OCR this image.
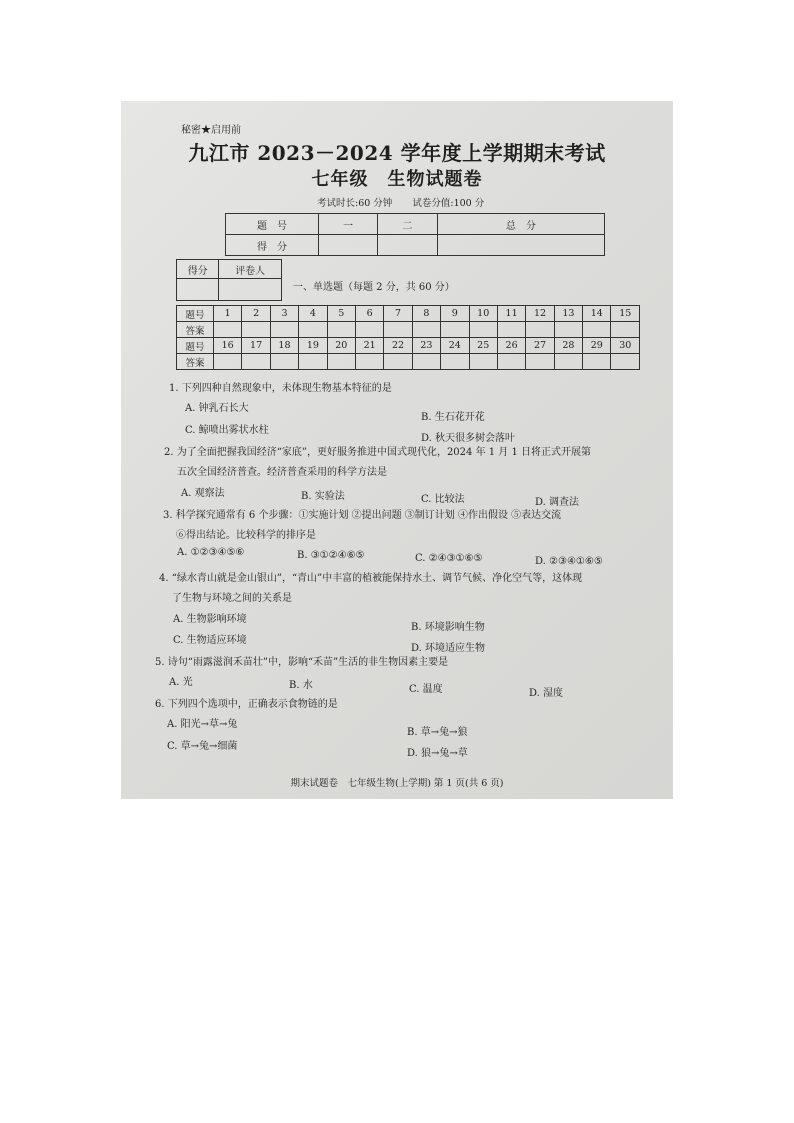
秘密★启用前
九江市 2023－2024 学年度上学期期末考试
七年级　生物试题卷
考试时长:60 分钟 试卷分值:100 分
题　号	一	二	总　分
得　分			
得分	评卷人

一、单选题（每题 2 分，共 60 分）
题号	1	2	3	4	5	6	7	8	9	10	11	12	13	14	15
答案															
题号	16	17	18	19	20	21	22	23	24	25	26	27	28	29	30
答案															
1. 下列四种自然现象中，未体现生物基本特征的是
A. 钟乳石长大
B. 生石花开花
C. 鲸喷出雾状水柱
D. 秋天很多树会落叶
2. 为了全面把握我国经济“家底”，更好服务推进中国式现代化，2024 年 1 月 1 日将正式开展第
五次全国经济普查。经济普查采用的科学方法是
A. 观察法	B. 实验法	C. 比较法	D. 调查法
3. 科学探究通常有 6 个步骤：①实施计划 ②提出问题 ③制订计划 ④作出假设 ⑤表达交流
⑥得出结论。比较科学的排序是
A. ①②③④⑤⑥	B. ③①②④⑥⑤	C. ②④③①⑥⑤	D. ②③④①⑥⑤
4. “绿水青山就是金山银山”，“青山”中丰富的植被能保持水土、调节气候、净化空气等，这体现
了生物与环境之间的关系是
A. 生物影响环境
B. 环境影响生物
C. 生物适应环境
D. 环境适应生物
5. 诗句“雨露滋润禾苗壮”中，影响“禾苗”生活的非生物因素主要是
A. 光	B. 水	C. 温度	D. 湿度
6. 下列四个选项中，正确表示食物链的是
A. 阳光→草→兔
B. 草→兔→狼
C. 草→兔→细菌
D. 狼→兔→草
期末试题卷　七年级生物(上学期) 第 1 页(共 6 页)
